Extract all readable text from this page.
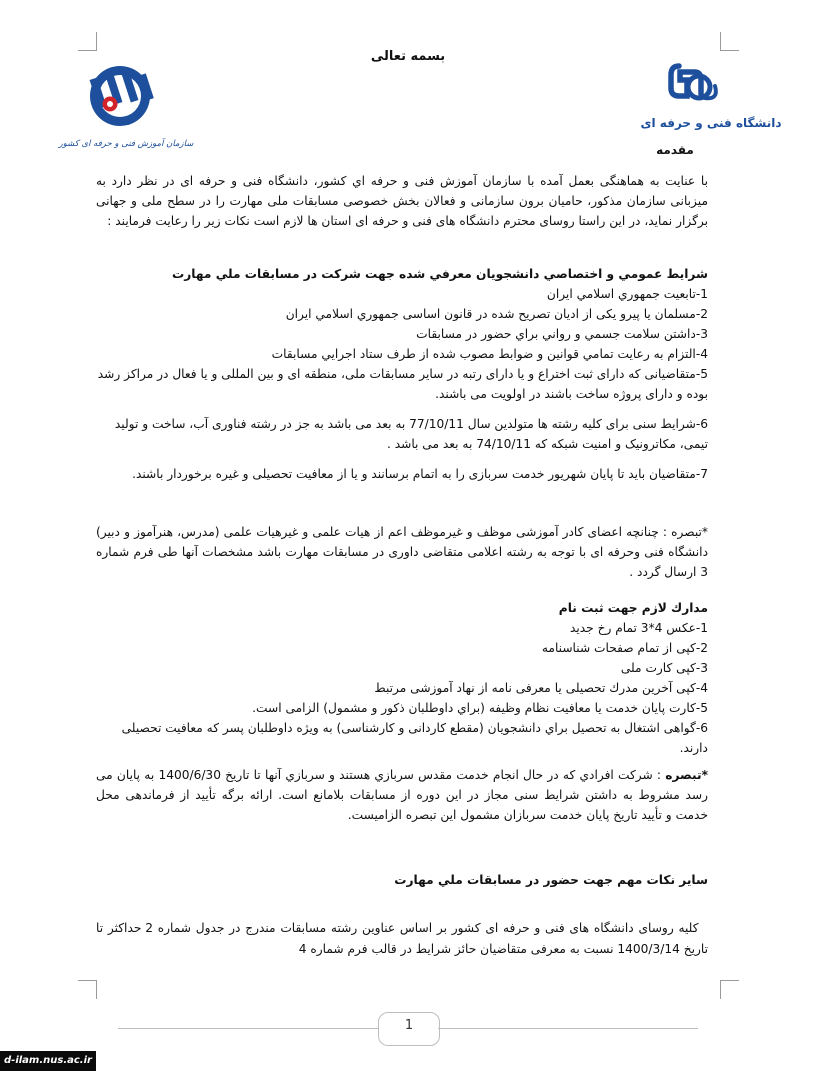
بسمه تعالی
دانشگاه فنی و حرفه ای
سازمان آموزش فنی و حرفه ای کشور	مقدمه
با عنایت به هماهنگی بعمل آمده با سازمان آموزش فنی و حرفه اي کشور، دانشگاه فنی و حرفه ای در نظر دارد به میزبانی سازمان مذکور، حامیان برون سازمانی و فعالان بخش خصوصی مسابقات ملی مهارت را در سطح ملی و جهانی برگزار نماید، در این راستا روسای محترم دانشگاه های فنی و حرفه ای استان ها لازم است نکات زیر را رعایت فرمایند :

شرايط عمومي و اختصاصي دانشجويان معرفي شده جهت شرکت در مسابقات ملي مهارت

1-تابعيت جمهوري اسلامي ايران

2-مسلمان يا پيرو يکی از اديان تصريح شده در قانون اساسی جمهوري اسلامي ايران

3-داشتن سلامت جسمي و رواني براي حضور در مسابقات

4-التزام به رعايت تمامي قوانين و ضوابط مصوب شده از طرف ستاد اجرايي مسابقات

5-متقاضیانی که دارای ثبت اختراع و یا دارای رتبه در سایر مسابقات ملی، منطقه ای و بین المللی و یا فعال در مراکز رشد بوده و دارای پروژه ساخت باشند در اولویت می باشند.

6-شرایط سنی برای کلیه رشته ها متولدین سال 77/10/11 به بعد می باشد به جز در رشته فناوری آب، ساخت و تولید تیمی، مکاترونیک و امنیت شبکه که 74/10/11 به بعد می باشد .

7-متقاضیان باید تا پایان شهریور خدمت سربازی را به اتمام برسانند و یا از معافیت تحصیلی و غیره برخوردار باشند.

*تبصره : چنانچه اعضای کادر آموزشی موظف و غیرموظف اعم از هیات علمی و غیرهیات علمی (مدرس، هنرآموز و دبیر) دانشگاه فنی وحرفه ای با توجه به رشته اعلامی متقاضی داوری در مسابقات مهارت باشد مشخصات آنها طی فرم شماره 3 ارسال گردد .

مدارك لازم جهت ثبت نام

1-عکس 4*3 تمام رخ جديد

2-کپی از تمام صفحات شناسنامه

3-کپی کارت ملی

4-کپی آخرين مدرك تحصيلی يا معرفی نامه از نهاد آموزشی مرتبط

5-کارت پایان خدمت يا معافيت نظام وظيفه (براي داوطلبان ذكور و مشمول) الزامی است.

6-گواهی اشتغال به تحصيل براي دانشجويان (مقطع کاردانی و کارشناسی) به ويژه داوطلبان پسر که معافیت تحصیلی دارند.

*تبصره : شركت افرادي كه در حال انجام خدمت مقدس سربازي هستند و سربازي آنها تا تاريخ 1400/6/30 به پايان می رسد مشروط به داشتن شرايط سنی مجاز در اين دوره از مسابقات بلامانع است. ارائه برگه تأييد از فرماندهی محل خدمت و تأييد تاريخ پايان خدمت سربازان مشمول اين تبصره الزاميست.
سایر نکات مهم جهت حضور در مسابقات ملي مهارت
کلیه روسای دانشگاه های فنی و حرفه ای کشور بر اساس عناوین رشته مسابقات مندرج در جدول شماره 2 حداکثر تا تاریخ 1400/3/14 نسبت به معرفی متقاضیان حائز شرایط در قالب فرم شماره 4
1
d-ilam.nus.ac.ir
